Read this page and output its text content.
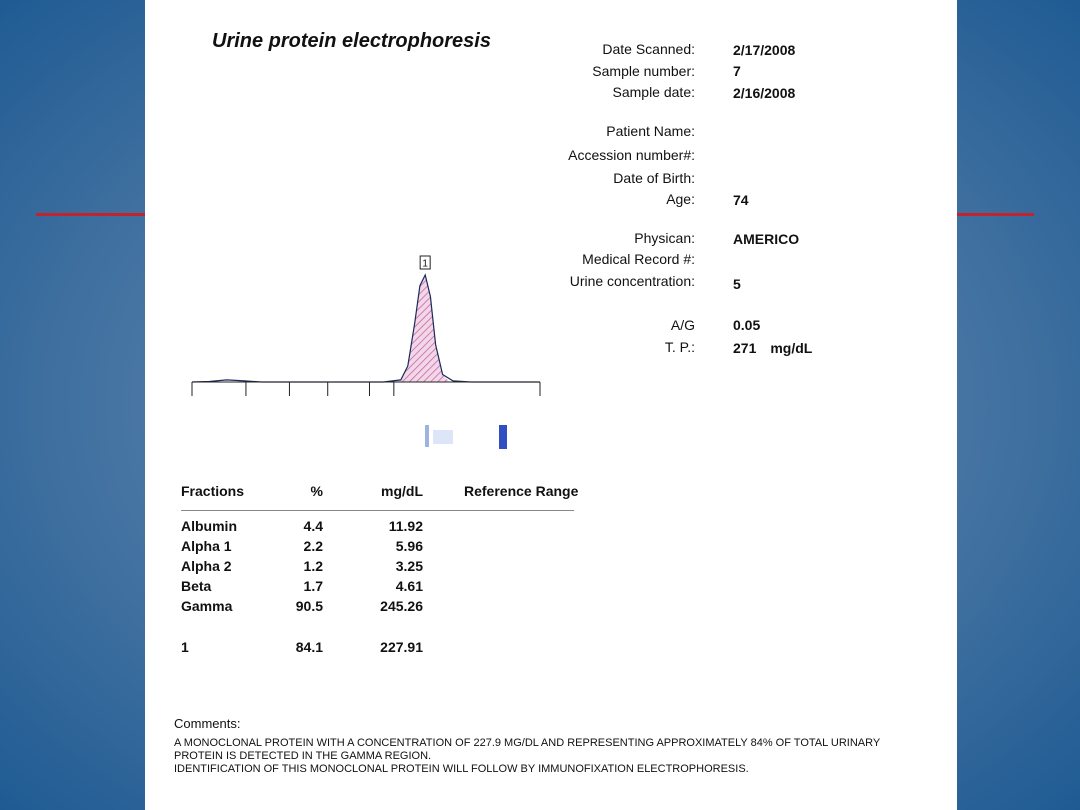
Urine protein electrophoresis	Date Scanned:	2/17/2008
Sample number:	7
Sample date:	2/16/2008
Patient Name:
Accession number#:
Date of Birth:
Age:	74
Physican:	AMERICO
Medical Record #:
Urine concentration:	5
A/G	0.05
T. P.:	271 mg/dL
1
Fractions	%	mg/dL	Reference Range
Albumin	4.4	11.92
Alpha 1	2.2	5.96
Alpha 2	1.2	3.25
Beta	1.7	4.61
Gamma	90.5	245.26
1	84.1	227.91
Comments:
A MONOCLONAL PROTEIN WITH A CONCENTRATION OF 227.9 MG/DL AND REPRESENTING APPROXIMATELY 84% OF TOTAL URINARY
PROTEIN IS DETECTED IN THE GAMMA REGION.
IDENTIFICATION OF THIS MONOCLONAL PROTEIN WILL FOLLOW BY IMMUNOFIXATION ELECTROPHORESIS.
